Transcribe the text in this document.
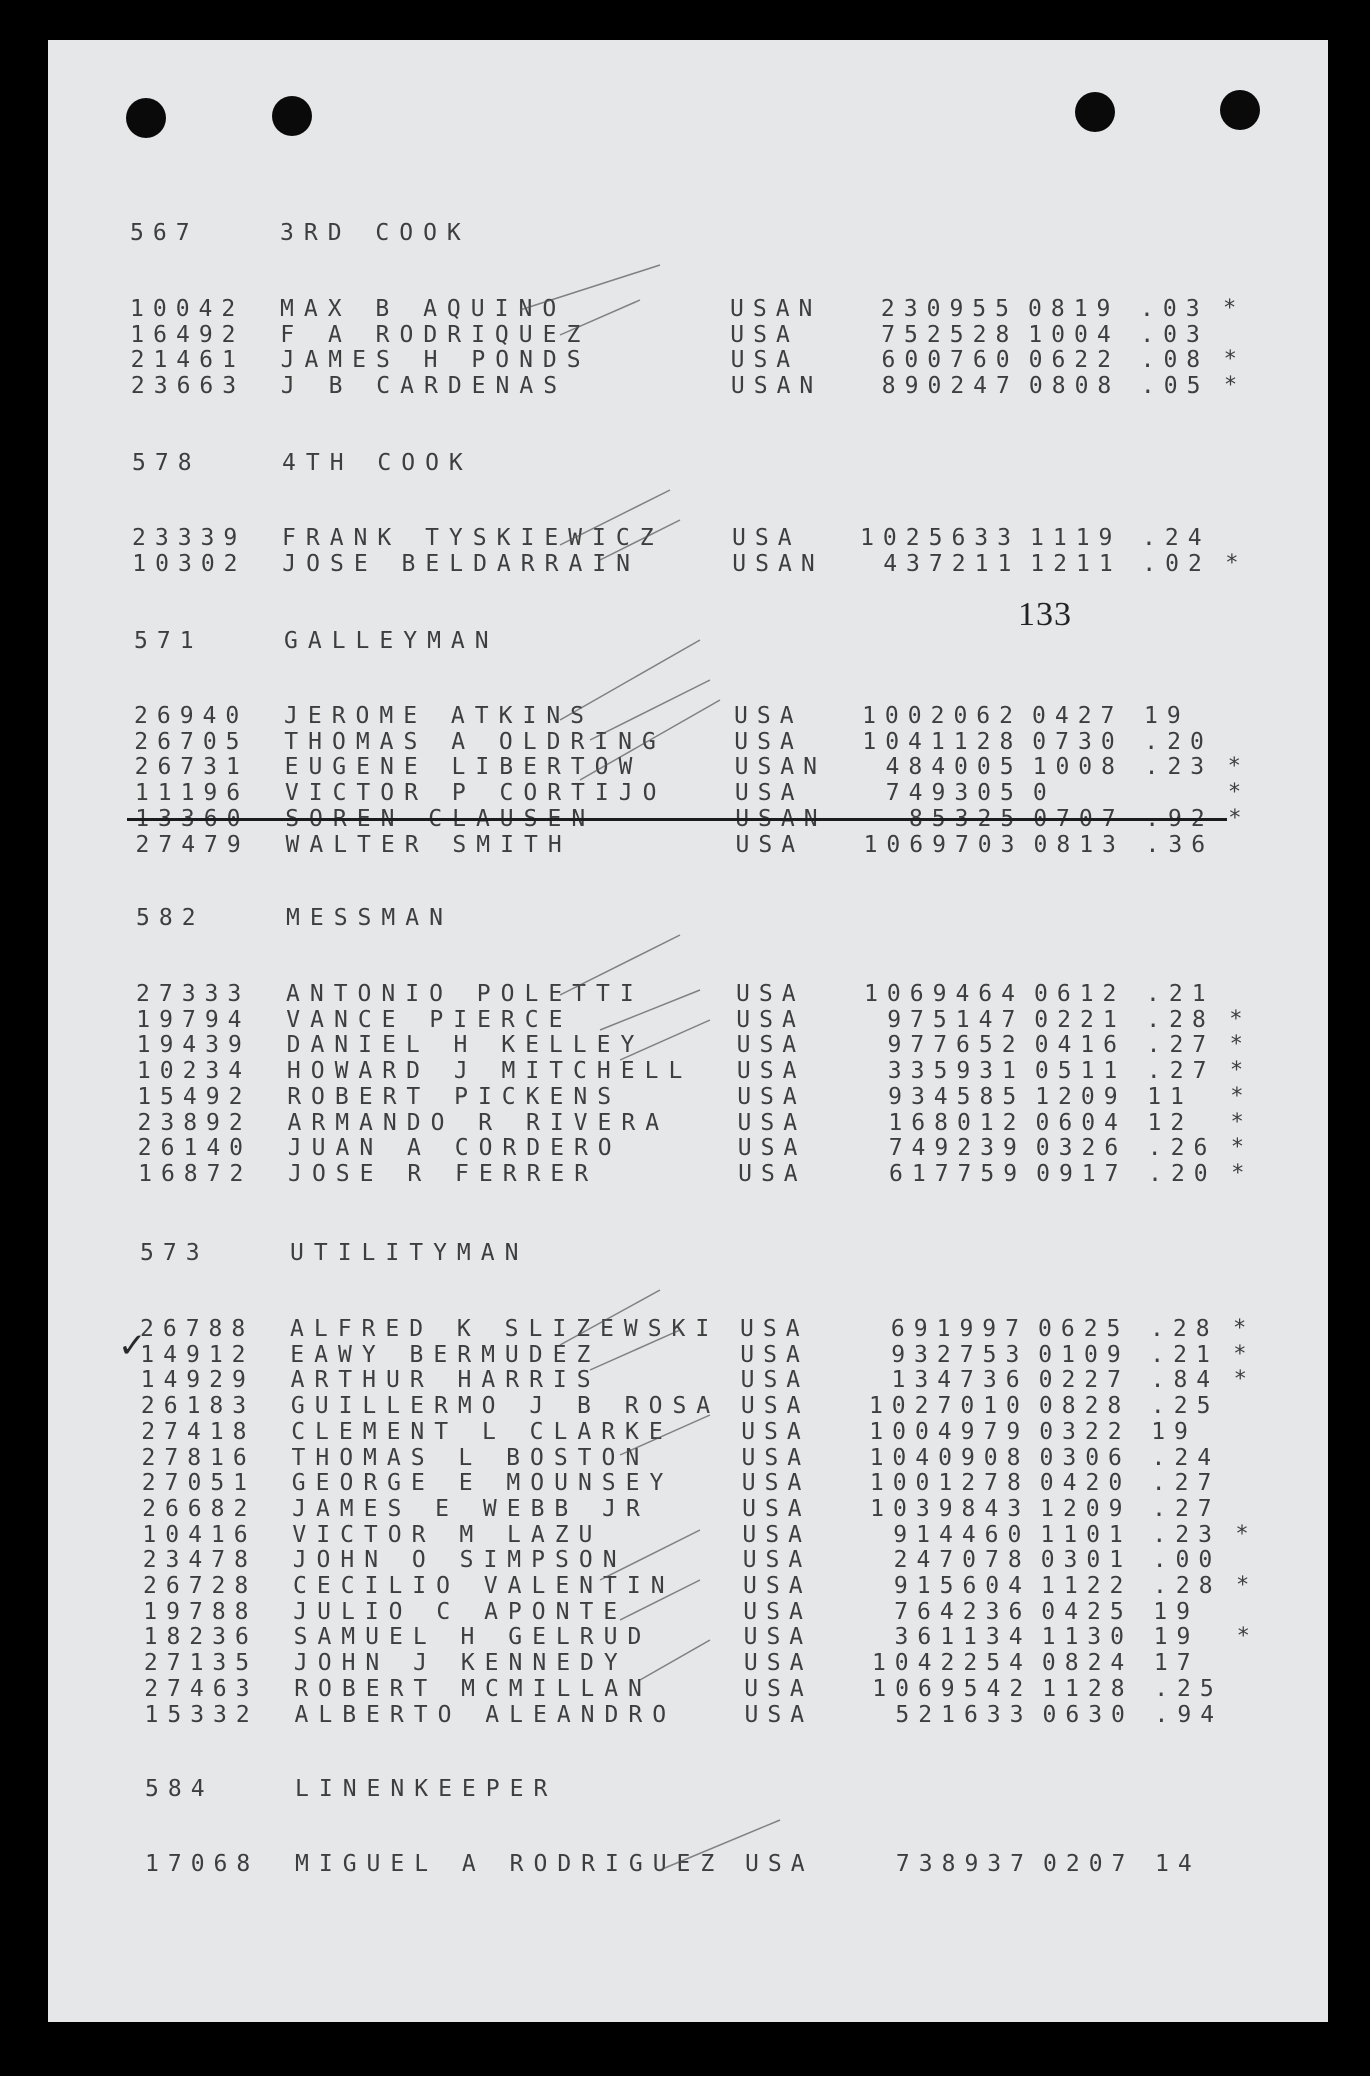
133
✓
567	3RD COOK
10042 MAX B AQUINO	USAN	230955 0819 .03 *
16492 F A RODRIQUEZ	USA	752528 1004 .03
21461 JAMES H PONDS	USA	600760 0622 .08 *
23663 J B CARDENAS	USAN	890247 0808 .05 *
578	4TH COOK
23339 FRANK TYSKIEWICZ	USA	1025633 1119 .24
10302 JOSE BELDARRAIN	USAN	437211 1211 .02 *
571	GALLEYMAN
26940 JEROME ATKINS	USA	1002062 0427 19
26705 THOMAS A OLDRING	USA	1041128 0730 .20
26731 EUGENE LIBERTOW	USAN	484005 1008 .23 *
11196 VICTOR P CORTIJO	USA	749305 0	*
13360 SOREN CLAUSEN	USAN	85325 0707 .92 *
27479 WALTER SMITH	USA	1069703 0813 .36
582	MESSMAN
27333 ANTONIO POLETTI	USA	1069464 0612 .21
19794 VANCE PIERCE	USA	975147 0221 .28 *
19439 DANIEL H KELLEY	USA	977652 0416 .27 *
10234 HOWARD J MITCHELL USA	335931 0511 .27 *
15492 ROBERT PICKENS	USA	934585 1209 11 *
23892 ARMANDO R RIVERA	USA	168012 0604 12 *
26140 JUAN A CORDERO	USA	749239 0326 .26 *
16872 JOSE R FERRER	USA	617759 0917 .20 *
573	UTILITYMAN
26788 ALFRED K SLIZEWSKI USA	691997 0625 .28 *
14912 EAWY BERMUDEZ	USA	932753 0109 .21 *
14929 ARTHUR HARRIS	USA	134736 0227 .84 *
26183 GUILLERMO J B ROSA USA	1027010 0828 .25
27418 CLEMENT L CLARKE	USA	1004979 0322 19
27816 THOMAS L BOSTON	USA	1040908 0306 .24
27051 GEORGE E MOUNSEY	USA	1001278 0420 .27
26682 JAMES E WEBB JR	USA	1039843 1209 .27
10416 VICTOR M LAZU	USA	914460 1101 .23 *
23478 JOHN O SIMPSON	USA	247078 0301 .00
26728 CECILIO VALENTIN	USA	915604 1122 .28 *
19788 JULIO C APONTE	USA	764236 0425 19
18236 SAMUEL H GELRUD	USA	361134 1130 19 *
27135 JOHN J KENNEDY	USA	1042254 0824 17
27463 ROBERT MCMILLAN	USA	1069542 1128 .25
15332 ALBERTO ALEANDRO	USA	521633 0630 .94
584	LINENKEEPER
17068 MIGUEL A RODRIGUEZ USA	738937 0207 14
